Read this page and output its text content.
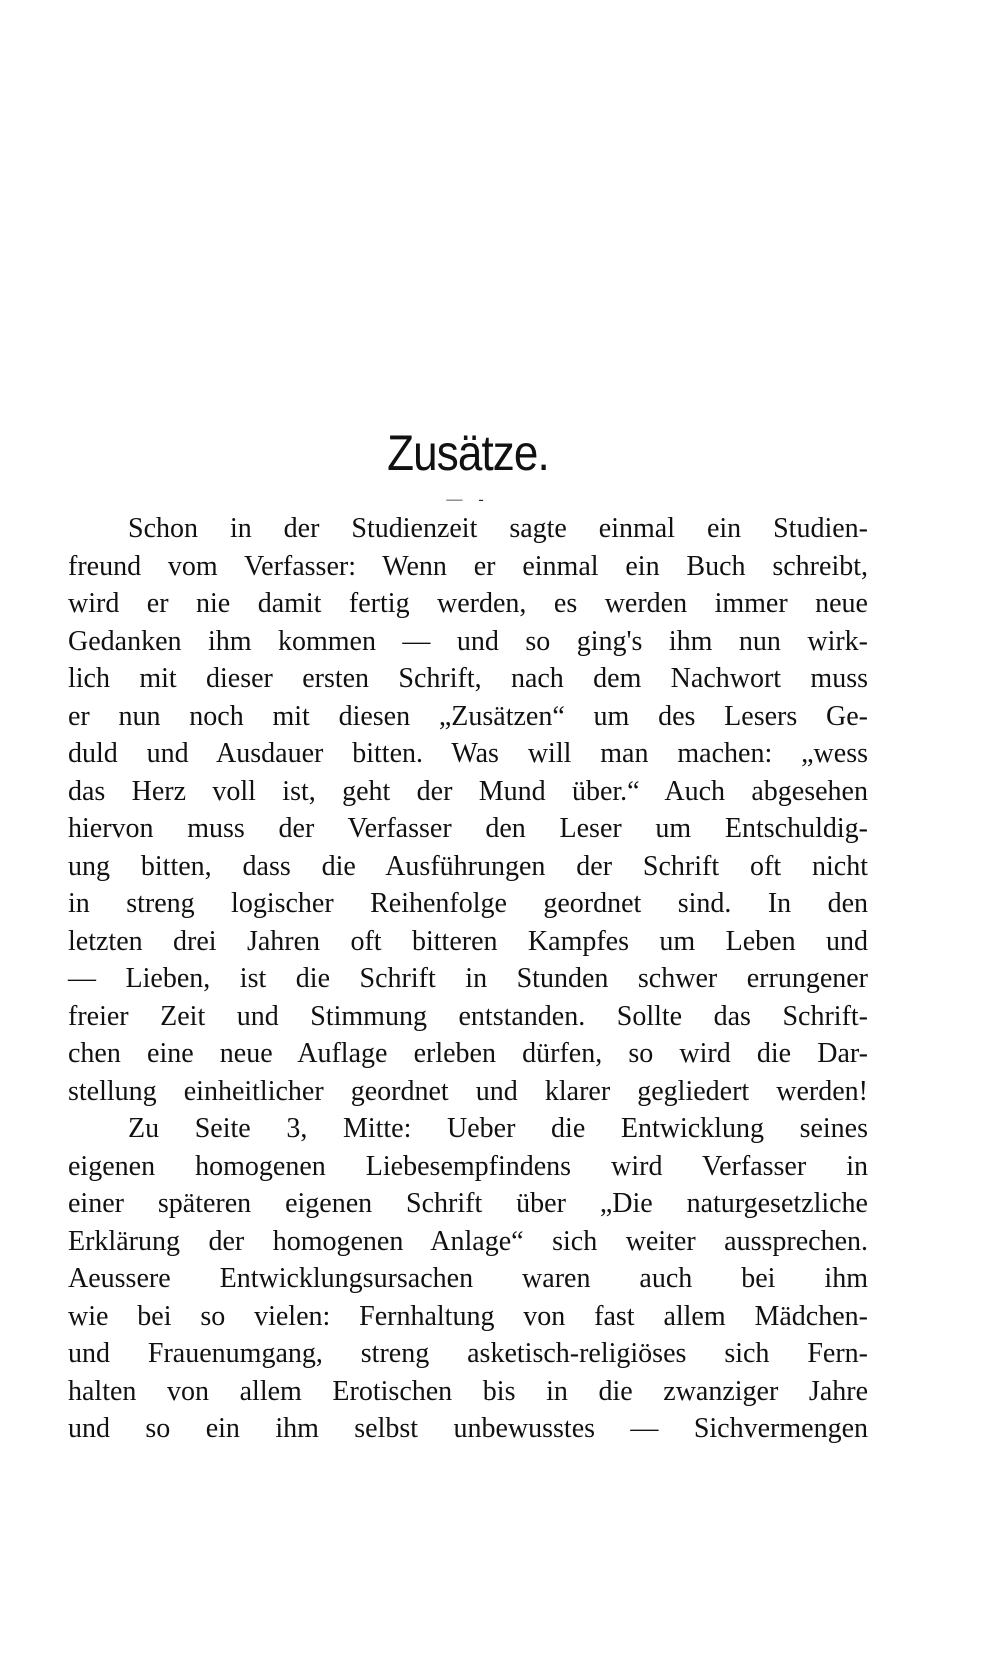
Zusätze.
— -
Schon in der Studienzeit sagte einmal ein Studien-
freund vom Verfasser: Wenn er einmal ein Buch schreibt,
wird er nie damit fertig werden, es werden immer neue
Gedanken ihm kommen — und so ging's ihm nun wirk-
lich mit dieser ersten Schrift, nach dem Nachwort muss
er nun noch mit diesen „Zusätzen“ um des Lesers Ge-
duld und Ausdauer bitten. Was will man machen: „wess
das Herz voll ist, geht der Mund über.“ Auch abgesehen
hiervon muss der Verfasser den Leser um Entschuldig-
ung bitten, dass die Ausführungen der Schrift oft nicht
in streng logischer Reihenfolge geordnet sind. In den
letzten drei Jahren oft bitteren Kampfes um Leben und
— Lieben, ist die Schrift in Stunden schwer errungener
freier Zeit und Stimmung entstanden. Sollte das Schrift-
chen eine neue Auflage erleben dürfen, so wird die Dar-
stellung einheitlicher geordnet und klarer gegliedert werden!
Zu Seite 3, Mitte: Ueber die Entwicklung seines
eigenen homogenen Liebesempfindens wird Verfasser in
einer späteren eigenen Schrift über „Die naturgesetzliche
Erklärung der homogenen Anlage“ sich weiter aussprechen.
Aeussere Entwicklungsursachen waren auch bei ihm
wie bei so vielen: Fernhaltung von fast allem Mädchen-
und Frauenumgang, streng asketisch-religiöses sich Fern-
halten von allem Erotischen bis in die zwanziger Jahre
und so ein ihm selbst unbewusstes — Sichvermengen
